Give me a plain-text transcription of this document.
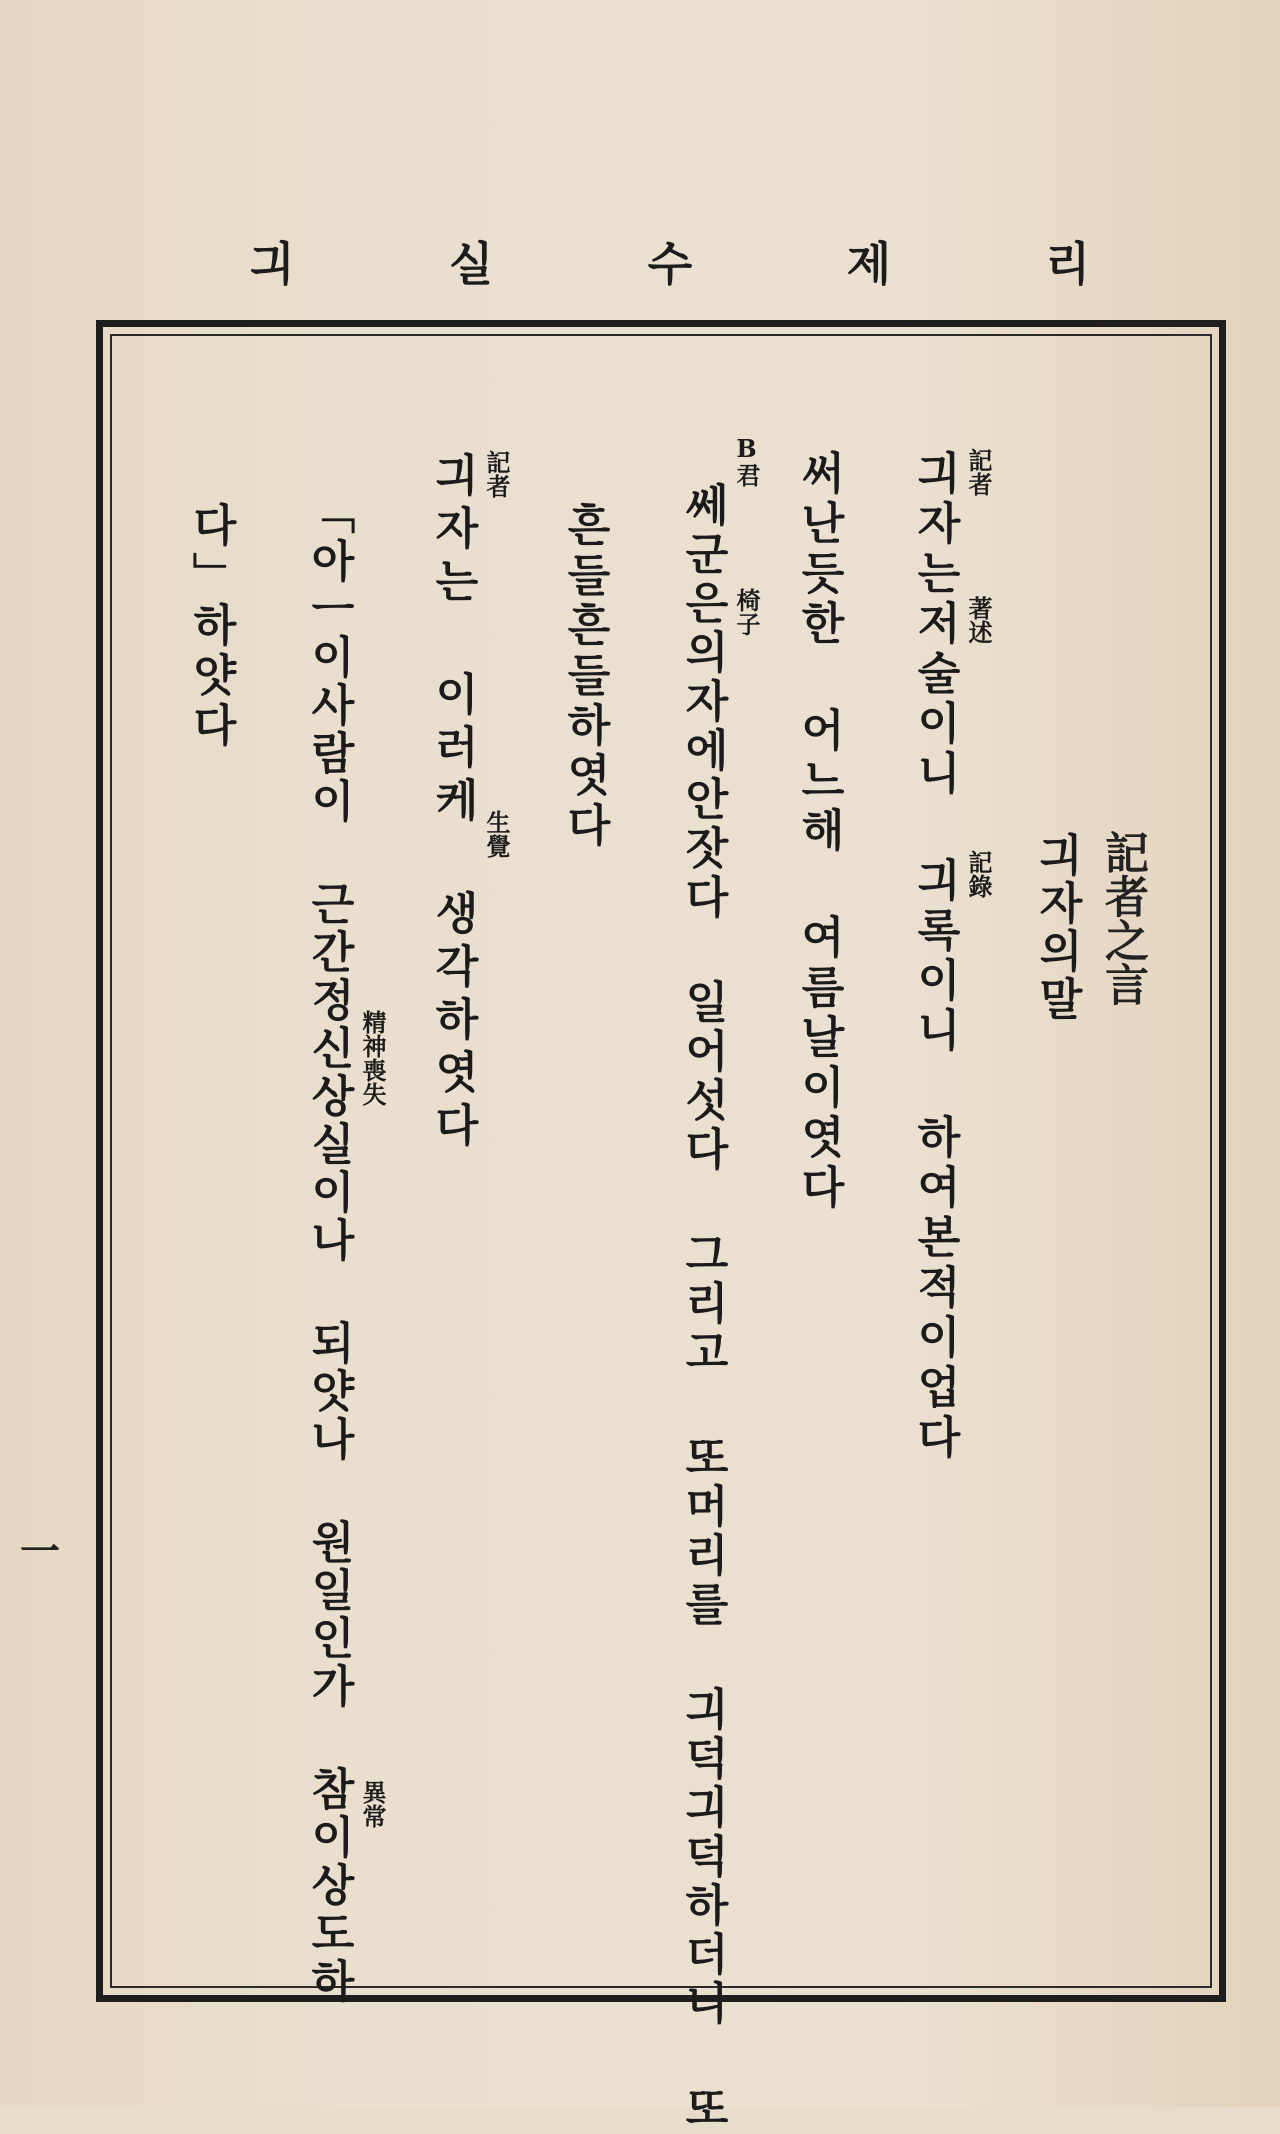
리
제
수
실
긔
記者之言
긔자의말
긔자는저술이니 긔록이니 하여본적이업다 記者
著述
記錄
써난듯한 어느해 여름날이엿다
쎄군은의자에안잣다 일어섯다 그리고 또머리를 긔덕긔덕하더니 또
B君
椅子
흔들흔들하엿다
긔자는 이러케 생각하엿다 記者
生覺
「아ㅡ이사람이 근간정신상실이나 되얏나 원일인가 참이상도하 精神喪失
異常
다」하얏다
一
